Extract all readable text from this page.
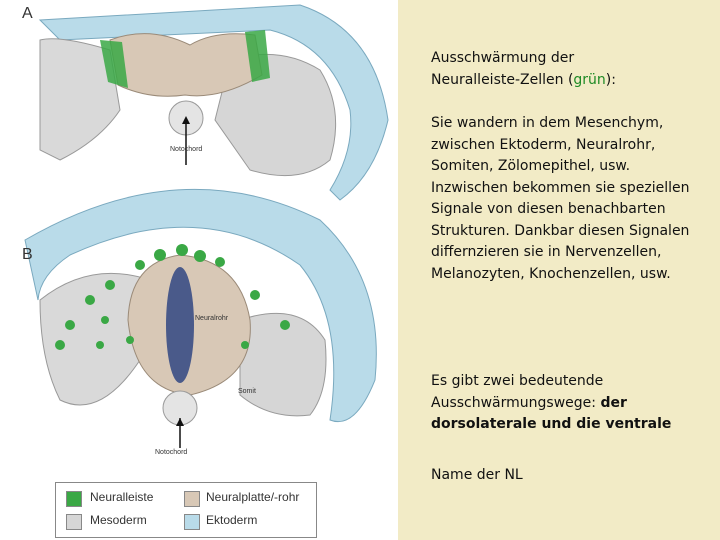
A
B
Notochord
Neuralrohr
Somit
Notochord
Neuralleiste	Neuralplatte/-rohr
Mesoderm	Ektoderm
Ausschwärmung der
Neuralleiste-Zellen (grün):
Sie wandern in dem Mesenchym, zwischen Ektoderm, Neuralrohr, Somiten, Zölomepithel, usw. Inzwischen bekommen sie speziellen Signale von diesen benachbarten Strukturen. Dankbar diesen Signalen differnzieren sie in Nervenzellen, Melanozyten, Knochenzellen, usw.
Es gibt zwei bedeutende Ausschwärmungswege: der dorsolaterale und die ventrale
Name der NL
